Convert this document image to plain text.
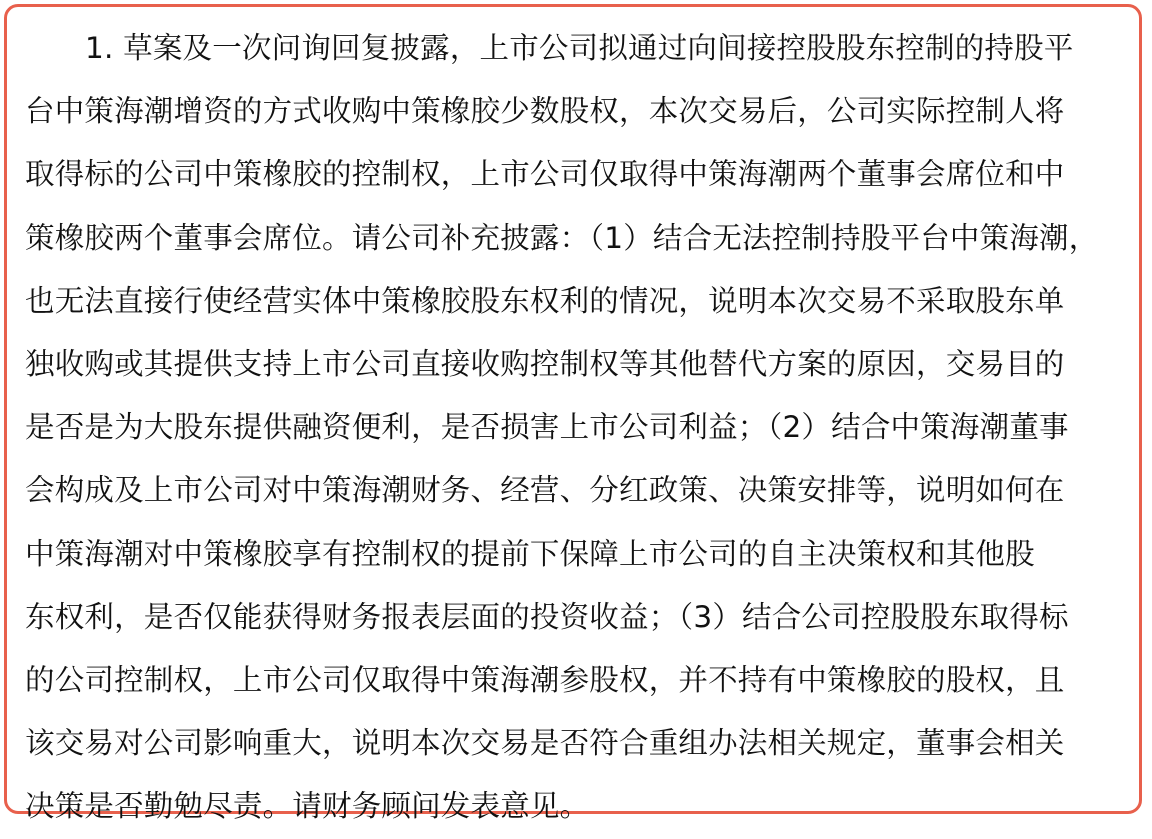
1. 草案及一次问询回复披露，上市公司拟通过向间接控股股东控制的持股平
台中策海潮增资的方式收购中策橡胶少数股权，本次交易后，公司实际控制人将
取得标的公司中策橡胶的控制权，上市公司仅取得中策海潮两个董事会席位和中
策橡胶两个董事会席位。请公司补充披露：（1）结合无法控制持股平台中策海潮，
也无法直接行使经营实体中策橡胶股东权利的情况，说明本次交易不采取股东单
独收购或其提供支持上市公司直接收购控制权等其他替代方案的原因，交易目的
是否是为大股东提供融资便利，是否损害上市公司利益；（2）结合中策海潮董事
会构成及上市公司对中策海潮财务、经营、分红政策、决策安排等，说明如何在
中策海潮对中策橡胶享有控制权的提前下保障上市公司的自主决策权和其他股
东权利，是否仅能获得财务报表层面的投资收益；（3）结合公司控股股东取得标
的公司控制权，上市公司仅取得中策海潮参股权，并不持有中策橡胶的股权，且
该交易对公司影响重大，说明本次交易是否符合重组办法相关规定，董事会相关
决策是否勤勉尽责。请财务顾问发表意见。
